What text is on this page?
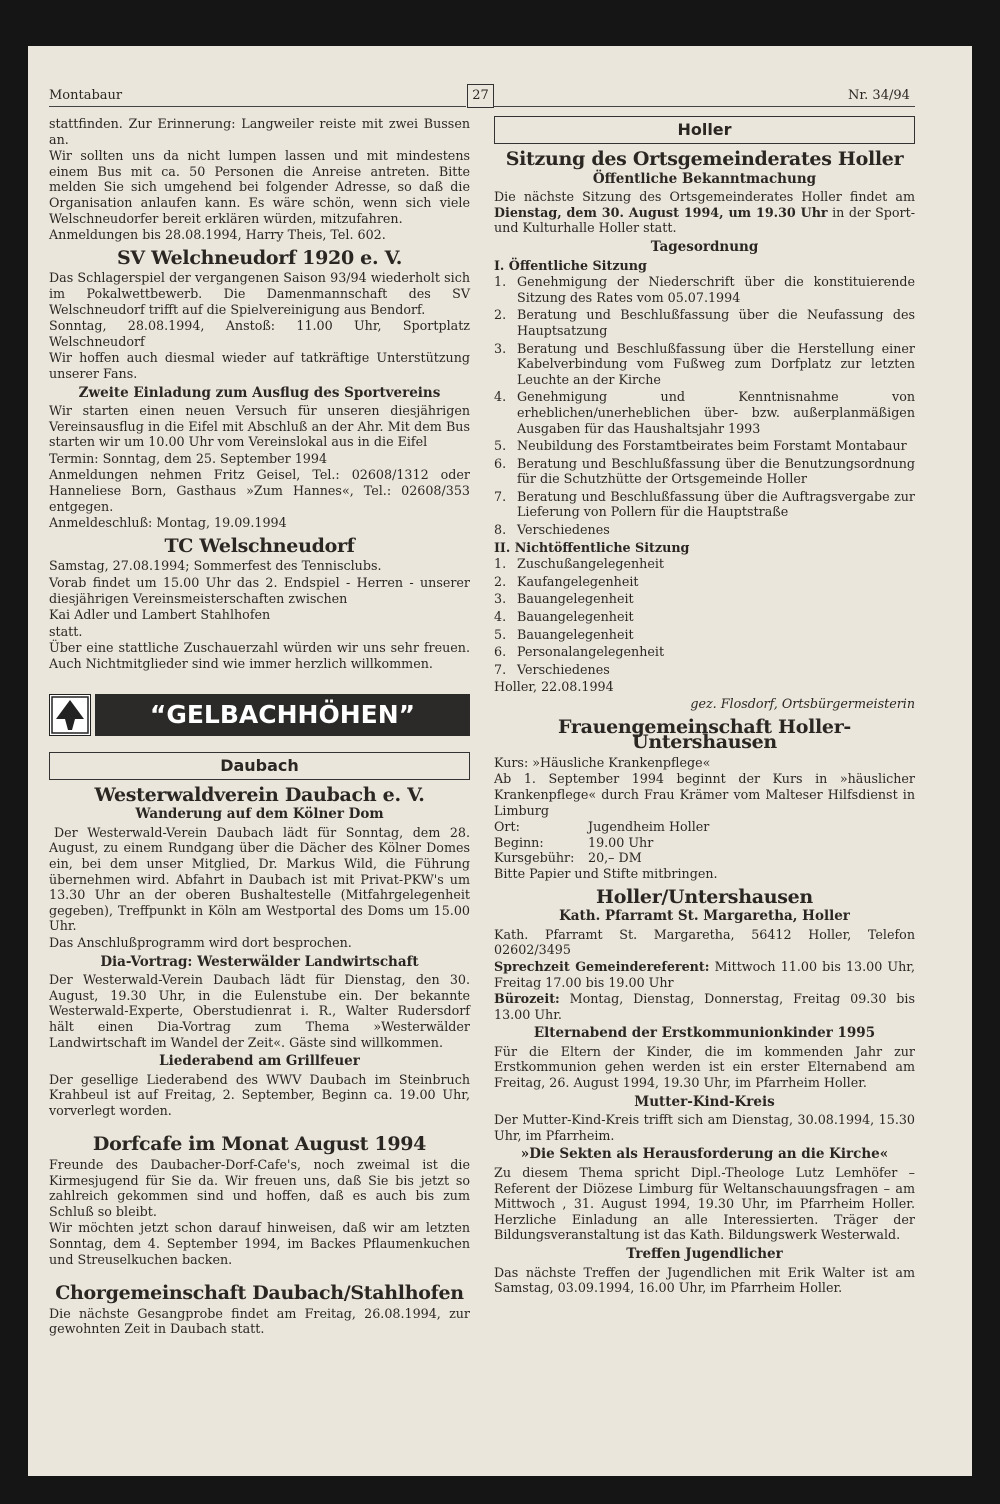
Montabaur	27	Nr. 34/94

stattfinden. Zur Erinnerung: Langweiler reiste mit zwei Bussen an.

Wir sollten uns da nicht lumpen lassen und mit mindestens einem Bus mit ca. 50 Personen die Anreise antreten. Bitte melden Sie sich umgehend bei folgender Adresse, so daß die Organisation anlaufen kann. Es wäre schön, wenn sich viele Welschneudorfer bereit erklären würden, mitzufahren.

Anmeldungen bis 28.08.1994, Harry Theis, Tel. 602.

SV Welchneudorf 1920 e. V.

Das Schlagerspiel der vergangenen Saison 93/94 wiederholt sich im Pokalwettbewerb. Die Damenmannschaft des SV Welschneudorf trifft auf die Spielvereinigung aus Bendorf.

Sonntag, 28.08.1994, Anstoß: 11.00 Uhr, Sportplatz Welschneudorf

Wir hoffen auch diesmal wieder auf tatkräftige Unterstützung unserer Fans.

Zweite Einladung zum Ausflug des Sportvereins

Wir starten einen neuen Versuch für unseren diesjährigen Vereinsausflug in die Eifel mit Abschluß an der Ahr. Mit dem Bus starten wir um 10.00 Uhr vom Vereinslokal aus in die Eifel

Termin: Sonntag, dem 25. September 1994

Anmeldungen nehmen Fritz Geisel, Tel.: 02608/1312 oder Hanneliese Born, Gasthaus »Zum Hannes«, Tel.: 02608/353 entgegen.

Anmeldeschluß: Montag, 19.09.1994

TC Welschneudorf

Samstag, 27.08.1994; Sommerfest des Tennisclubs.

Vorab findet um 15.00 Uhr das 2. Endspiel - Herren - unserer diesjährigen Vereinsmeisterschaften zwischen

Kai Adler und Lambert Stahlhofen

statt.

Über eine stattliche Zuschauerzahl würden wir uns sehr freuen. Auch Nichtmitglieder sind wie immer herzlich willkommen.

“GELBACHHÖHEN”
Daubach
Westerwaldverein Daubach e. V.
Wanderung auf dem Kölner Dom

Der Westerwald-Verein Daubach lädt für Sonntag, dem 28. August, zu einem Rundgang über die Dächer des Kölner Domes ein, bei dem unser Mitglied, Dr. Markus Wild, die Führung übernehmen wird. Abfahrt in Daubach ist mit Privat-PKW's um 13.30 Uhr an der oberen Bushaltestelle (Mitfahrgelegenheit gegeben), Treffpunkt in Köln am Westportal des Doms um 15.00 Uhr.

Das Anschlußprogramm wird dort besprochen.

Dia-Vortrag: Westerwälder Landwirtschaft

Der Westerwald-Verein Daubach lädt für Dienstag, den 30. August, 19.30 Uhr, in die Eulenstube ein. Der bekannte Westerwald-Experte, Oberstudienrat i. R., Walter Rudersdorf hält einen Dia-Vortrag zum Thema »Westerwälder Landwirtschaft im Wandel der Zeit«. Gäste sind willkommen.

Liederabend am Grillfeuer

Der gesellige Liederabend des WWV Daubach im Steinbruch Krahbeul ist auf Freitag, 2. September, Beginn ca. 19.00 Uhr, vorverlegt worden.

Dorfcafe im Monat August 1994

Freunde des Daubacher-Dorf-Cafe's, noch zweimal ist die Kirmesjugend für Sie da. Wir freuen uns, daß Sie bis jetzt so zahlreich gekommen sind und hoffen, daß es auch bis zum Schluß so bleibt.

Wir möchten jetzt schon darauf hinweisen, daß wir am letzten Sonntag, dem 4. September 1994, im Backes Pflaumenkuchen und Streuselkuchen backen.

Chorgemeinschaft Daubach/Stahlhofen

Die nächste Gesangprobe findet am Freitag, 26.08.1994, zur gewohnten Zeit in Daubach statt.

Holler
Sitzung des Ortsgemeinderates Holler
Öffentliche Bekanntmachung

Die nächste Sitzung des Ortsgemeinderates Holler findet am Dienstag, dem 30. August 1994, um 19.30 Uhr in der Sport- und Kulturhalle Holler statt.

Tagesordnung
I. Öffentliche Sitzung
1. Genehmigung der Niederschrift über die konstituierende Sitzung des Rates vom 05.07.1994
2. Beratung und Beschlußfassung über die Neufassung des Hauptsatzung
3. Beratung und Beschlußfassung über die Herstellung einer Kabelverbindung vom Fußweg zum Dorfplatz zur letzten Leuchte an der Kirche
4. Genehmigung und Kenntnisnahme von erheblichen/unerheblichen über- bzw. außerplanmäßigen Ausgaben für das Haushaltsjahr 1993
5. Neubildung des Forstamtbeirates beim Forstamt Montabaur
6. Beratung und Beschlußfassung über die Benutzungsordnung für die Schutzhütte der Ortsgemeinde Holler
7. Beratung und Beschlußfassung über die Auftragsvergabe zur Lieferung von Pollern für die Hauptstraße
8. Verschiedenes
II. Nichtöffentliche Sitzung
1. Zuschußangelegenheit
2. Kaufangelegenheit
3. Bauangelegenheit
4. Bauangelegenheit
5. Bauangelegenheit
6. Personalangelegenheit
7. Verschiedenes

Holler, 22.08.1994

gez. Flosdorf, Ortsbürgermeisterin

Frauengemeinschaft Holler-Untershausen

Kurs: »Häusliche Krankenpflege«

Ab 1. September 1994 beginnt der Kurs in »häuslicher Krankenpflege« durch Frau Krämer vom Malteser Hilfsdienst in Limburg

Ort:	Jugendheim Holler
Beginn:	19.00 Uhr
Kursgebühr:	20,– DM

Bitte Papier und Stifte mitbringen.

Holler/Untershausen
Kath. Pfarramt St. Margaretha, Holler

Kath. Pfarramt St. Margaretha, 56412 Holler, Telefon 02602/3495

Sprechzeit Gemeindereferent: Mittwoch 11.00 bis 13.00 Uhr, Freitag 17.00 bis 19.00 Uhr

Bürozeit: Montag, Dienstag, Donnerstag, Freitag 09.30 bis 13.00 Uhr.

Elternabend der Erstkommunionkinder 1995

Für die Eltern der Kinder, die im kommenden Jahr zur Erstkommunion gehen werden ist ein erster Elternabend am Freitag, 26. August 1994, 19.30 Uhr, im Pfarrheim Holler.

Mutter-Kind-Kreis

Der Mutter-Kind-Kreis trifft sich am Dienstag, 30.08.1994, 15.30 Uhr, im Pfarrheim.

»Die Sekten als Herausforderung an die Kirche«

Zu diesem Thema spricht Dipl.-Theologe Lutz Lemhöfer – Referent der Diözese Limburg für Weltanschauungsfragen – am Mittwoch , 31. August 1994, 19.30 Uhr, im Pfarrheim Holler. Herzliche Einladung an alle Interessierten. Träger der Bildungsveranstaltung ist das Kath. Bildungswerk Westerwald.

Treffen Jugendlicher

Das nächste Treffen der Jugendlichen mit Erik Walter ist am Samstag, 03.09.1994, 16.00 Uhr, im Pfarrheim Holler.
